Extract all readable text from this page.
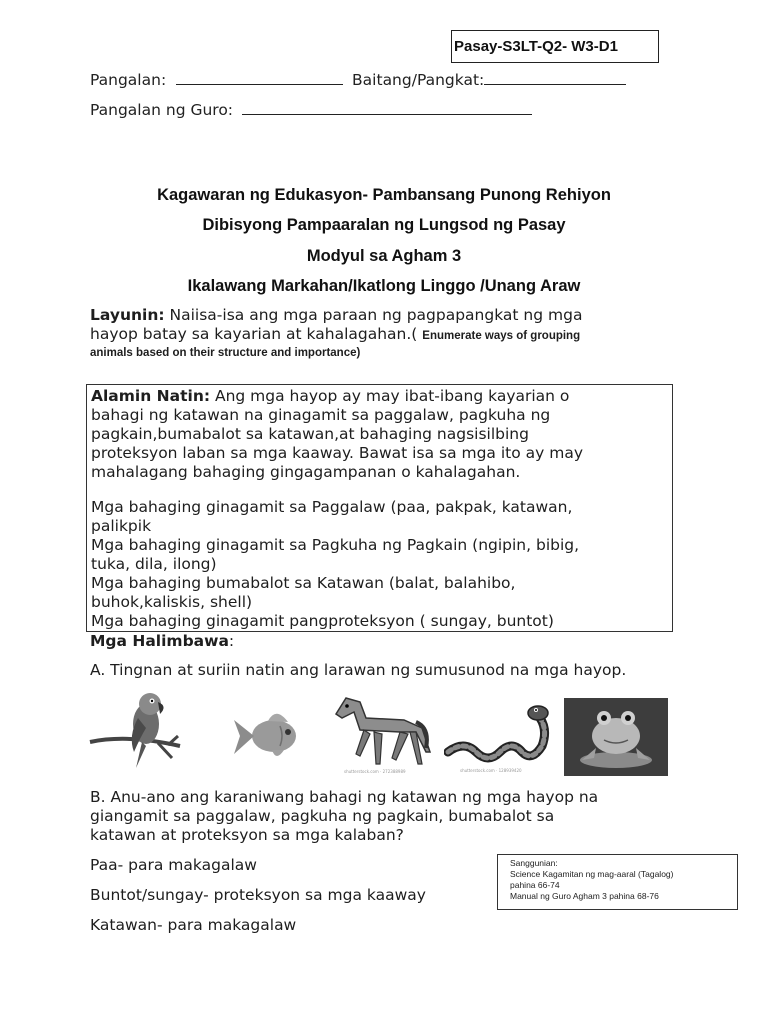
Pasay-S3LT-Q2- W3-D1
Pangalan:	Baitang/Pangkat:
Pangalan ng Guro:
Kagawaran ng Edukasyon- Pambansang Punong Rehiyon
Dibisyong Pampaaralan ng Lungsod ng Pasay
Modyul sa Agham 3
Ikalawang Markahan/Ikatlong Linggo /Unang Araw
Layunin: Naiisa-isa ang mga paraan ng pagpapangkat ng mga
hayop batay sa kayarian at kahalagahan.( Enumerate ways of grouping
animals based on their structure and importance)

Alamin Natin: Ang mga hayop ay may ibat-ibang kayarian o

bahagi ng katawan na ginagamit sa paggalaw, pagkuha ng

pagkain,bumabalot sa katawan,at bahaging nagsisilbing

proteksyon laban sa mga kaaway. Bawat isa sa mga ito ay may

mahalagang bahaging gingagampanan o kahalagahan.

Mga bahaging ginagamit sa Paggalaw (paa, pakpak, katawan,

palikpik

Mga bahaging ginagamit sa Pagkuha ng Pagkain (ngipin, bibig,

tuka, dila, ilong)

Mga bahaging bumabalot sa Katawan (balat, balahibo,

buhok,kaliskis, shell)

Mga bahaging ginagamit pangproteksyon ( sungay, buntot)

Mga Halimbawa:
A. Tingnan at suriin natin ang larawan ng sumusunod na mga hayop.
shutterstock.com · 272388989	shutterstock.com · 128939420
B. Anu-ano ang karaniwang bahagi ng katawan ng mga hayop na
giangamit sa paggalaw, pagkuha ng pagkain, bumabalot sa
katawan at proteksyon sa mga kalaban?
Paa- para makagalaw
Buntot/sungay- proteksyon sa mga kaaway
Katawan- para makagalaw
Sanggunian:
Science Kagamitan ng mag-aaral (Tagalog)
pahina 66-74
Manual ng Guro Agham 3 pahina 68-76
